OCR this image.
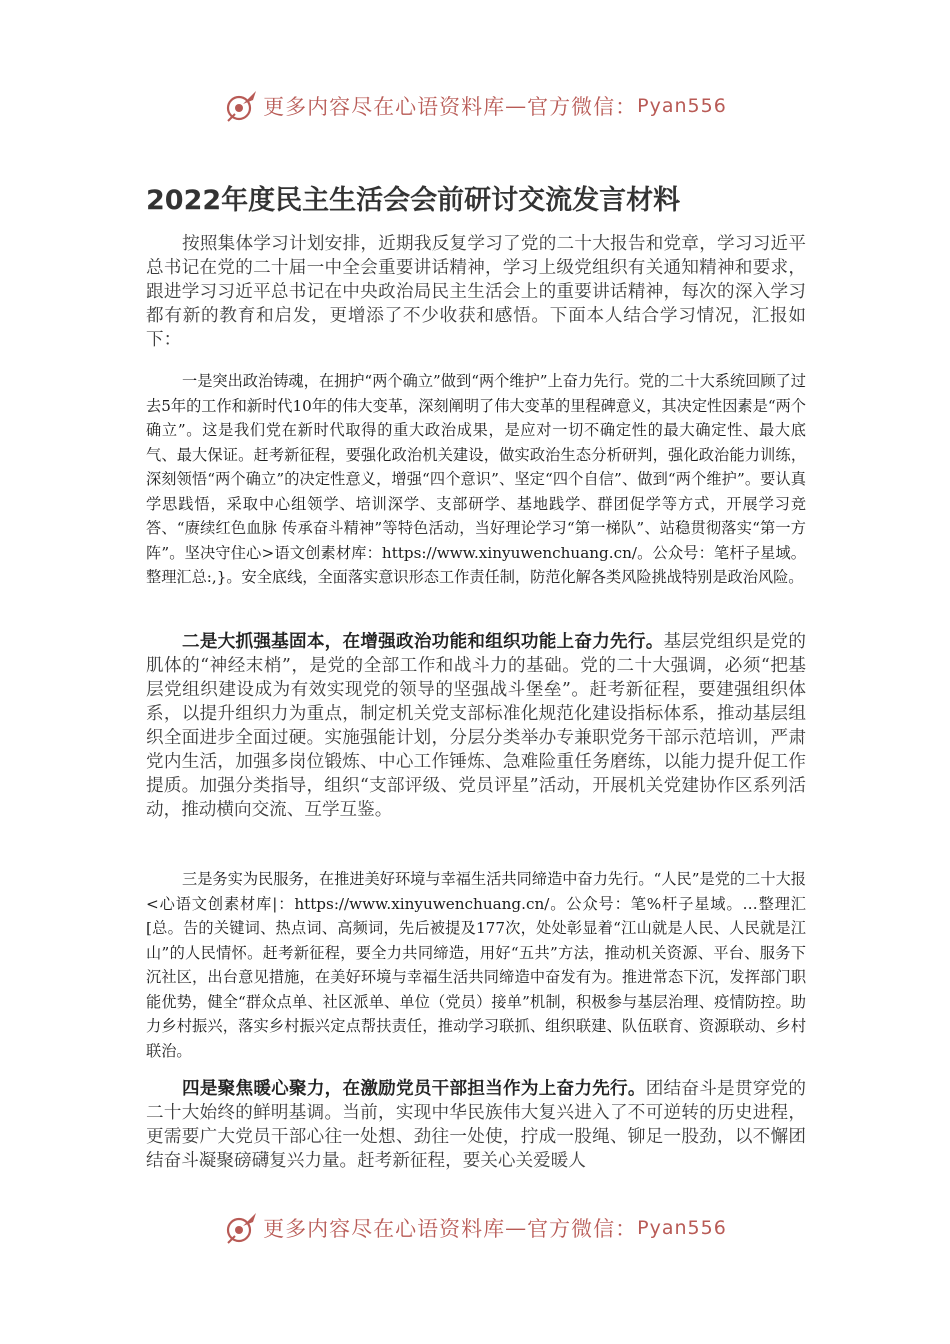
更多内容尽在心语资料库 — 官方微信： Pyan556
2022年度民主生活会会前研讨交流发言材料

按照集体学习计划安排，近期我反复学习了党的二十大报告和党章，学习习近平总书记在党的二十届一中全会重要讲话精神，学习上级党组织有关通知精神和要求，跟进学习习近平总书记在中央政治局民主生活会上的重要讲话精神，每次的深入学习都有新的教育和启发，更增添了不少收获和感悟。下面本人结合学习情况，汇报如下：

一是突出政治铸魂，在拥护“两个确立”做到“两个维护”上奋力先行。党的二十大系统回顾了过去5年的工作和新时代10年的伟大变革，深刻阐明了伟大变革的里程碑意义，其决定性因素是“两个确立”。这是我们党在新时代取得的重大政治成果，是应对一切不确定性的最大确定性、最大底气、最大保证。赶考新征程，要强化政治机关建设，做实政治生态分析研判，强化政治能力训练，深刻领悟“两个确立”的决定性意义，增强“四个意识”、坚定“四个自信”、做到“两个维护”。要认真学思践悟，采取中心组领学、培训深学、支部研学、基地践学、群团促学等方式，开展学习竞答、“赓续红色血脉 传承奋斗精神”等特色活动，当好理论学习“第一梯队”、站稳贯彻落实“第一方阵”。坚决守住心>语文创素材库：https://www.xinyuwenchuang.cn/。公众号：笔杆子星域。整理汇总:,}。安全底线，全面落实意识形态工作责任制，防范化解各类风险挑战特别是政治风险。

二是大抓强基固本，在增强政治功能和组织功能上奋力先行。基层党组织是党的肌体的“神经末梢”，是党的全部工作和战斗力的基础。党的二十大强调，必须“把基层党组织建设成为有效实现党的领导的坚强战斗堡垒”。赶考新征程，要建强组织体系，以提升组织力为重点，制定机关党支部标准化规范化建设指标体系，推动基层组织全面进步全面过硬。实施强能计划，分层分类举办专兼职党务干部示范培训，严肃党内生活，加强多岗位锻炼、中心工作锤炼、急难险重任务磨练，以能力提升促工作提质。加强分类指导，组织“支部评级、党员评星”活动，开展机关党建协作区系列活动，推动横向交流、互学互鉴。

三是务实为民服务，在推进美好环境与幸福生活共同缔造中奋力先行。“人民”是党的二十大报<心语文创素材库|：https://www.xinyuwenchuang.cn/。公众号：笔%杆子星域。…整理汇[总。告的关键词、热点词、高频词，先后被提及177次，处处彰显着“江山就是人民、人民就是江山”的人民情怀。赶考新征程，要全力共同缔造，用好“五共”方法，推动机关资源、平台、服务下沉社区，出台意见措施，在美好环境与幸福生活共同缔造中奋发有为。推进常态下沉，发挥部门职能优势，健全“群众点单、社区派单、单位（党员）接单”机制，积极参与基层治理、疫情防控。助力乡村振兴，落实乡村振兴定点帮扶责任，推动学习联抓、组织联建、队伍联育、资源联动、乡村联治。

四是聚焦暖心聚力，在激励党员干部担当作为上奋力先行。团结奋斗是贯穿党的二十大始终的鲜明基调。当前，实现中华民族伟大复兴进入了不可逆转的历史进程，更需要广大党员干部心往一处想、劲往一处使，拧成一股绳、铆足一股劲，以不懈团结奋斗凝聚磅礴复兴力量。赶考新征程，要关心关爱暖人

更多内容尽在心语资料库 — 官方微信： Pyan556
